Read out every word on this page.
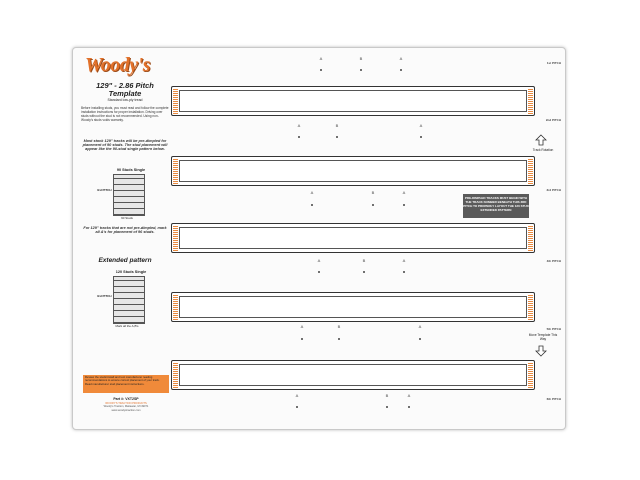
Woody's
129" - 2.86 Pitch
Template
Standard low-ply tread
Before installing studs, you must read and follow the complete installation instructions for proper installation. Driving over studs without the stud is not recommended. Using non-Woody's studs voids warranty.
Most stock 129" tracks will be pre-dimpled for placement of 90 studs. The stud placement will appear like the 90-stud single pattern below.
90 Studs Single
3rd PITCH
90 Studs
For 129" tracks that are not pre-dimpled, mark all A's for placement of 96 studs.
Extended pattern
120 Studs Single
3rd PITCH
Mark all the A,B's
Review the studs/install and tool manufacturer reading recommendations to ensure correct placement of your track. Read manufacturer stud placement instructions.
Part #: VXT2SP
WOODY'S TRACTION PRODUCTS
Woody's Traction, Mattawan, MI 49071
www.woodystraction.com
A	B	A
1st PITCH
2nd PITCH
A	B	A
Track Rotation
3rd PITCH
A	B	A
PRE-DIMPLED TRACKS MUST BEGIN WITH THE TRACK NUMBER BENEATH THIS 3RD PITCH TO PROPERLY LAYOUT THE 120 STUD EXTENDED PATTERN
4th PITCH
A	B	A
5th PITCH
A	B	A
Move Template This Way
6th PITCH
A	B	A
